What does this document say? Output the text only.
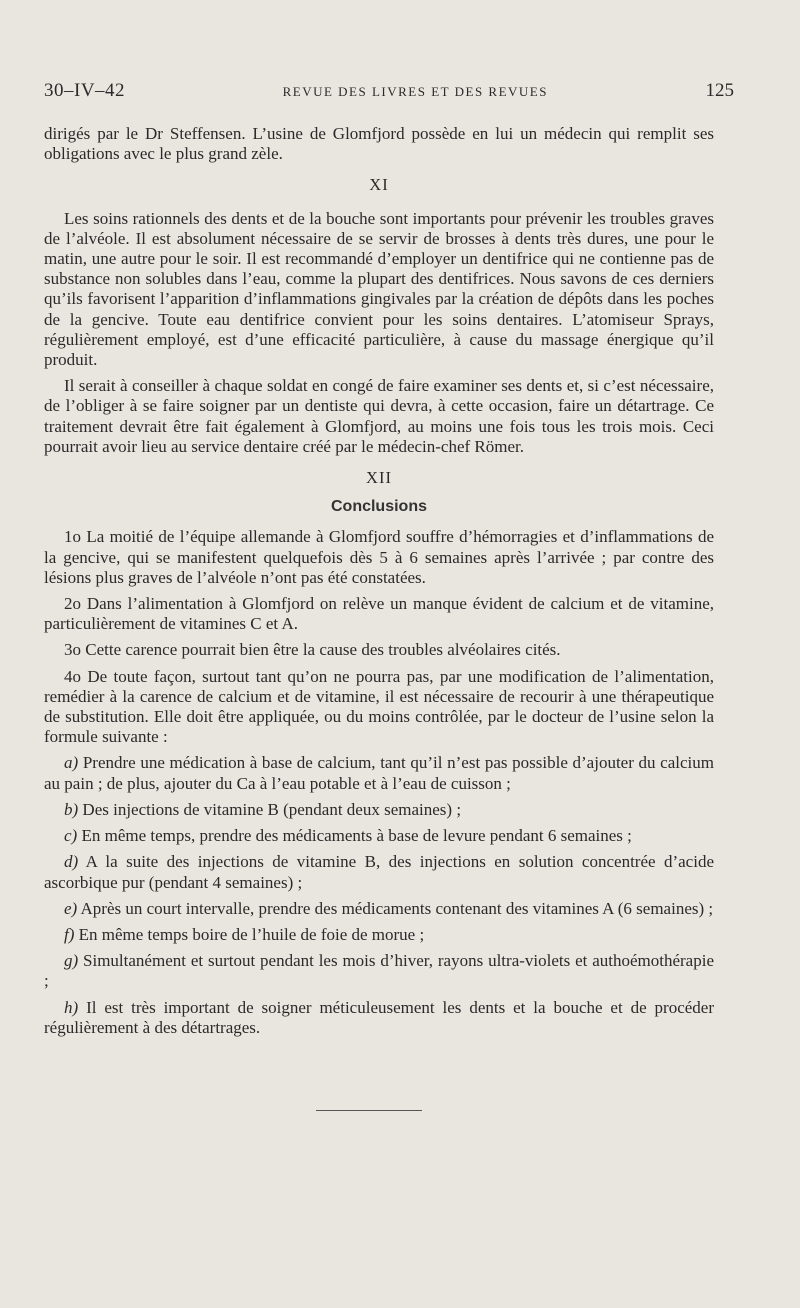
30–IV–42	REVUE DES LIVRES ET DES REVUES	125

dirigés par le Dr Steffensen. L’usine de Glomfjord possède en lui un médecin qui remplit ses obligations avec le plus grand zèle.

XI

Les soins rationnels des dents et de la bouche sont importants pour prévenir les troubles graves de l’alvéole. Il est absolument nécessaire de se servir de brosses à dents très dures, une pour le matin, une autre pour le soir. Il est recommandé d’employer un dentifrice qui ne contienne pas de substance non solubles dans l’eau, comme la plupart des dentifrices. Nous savons de ces derniers qu’ils favorisent l’apparition d’inflammations gingivales par la création de dépôts dans les poches de la gencive. Toute eau dentifrice convient pour les soins dentaires. L’atomiseur Sprays, régulièrement employé, est d’une efficacité particulière, à cause du massage énergique qu’il produit.

Il serait à conseiller à chaque soldat en congé de faire examiner ses dents et, si c’est nécessaire, de l’obliger à se faire soigner par un dentiste qui devra, à cette occasion, faire un détartrage. Ce traitement devrait être fait également à Glomfjord, au moins une fois tous les trois mois. Ceci pourrait avoir lieu au service dentaire créé par le médecin-chef Römer.

XII
Conclusions

1o La moitié de l’équipe allemande à Glomfjord souffre d’hémorragies et d’inflammations de la gencive, qui se manifestent quelquefois dès 5 à 6 semaines après l’arrivée ; par contre des lésions plus graves de l’alvéole n’ont pas été constatées.

2o Dans l’alimentation à Glomfjord on relève un manque évident de calcium et de vitamine, particulièrement de vitamines C et A.

3o Cette carence pourrait bien être la cause des troubles alvéolaires cités.

4o De toute façon, surtout tant qu’on ne pourra pas, par une modification de l’alimentation, remédier à la carence de calcium et de vitamine, il est nécessaire de recourir à une thérapeutique de substitution. Elle doit être appliquée, ou du moins contrôlée, par le docteur de l’usine selon la formule suivante :

a) Prendre une médication à base de calcium, tant qu’il n’est pas possible d’ajouter du calcium au pain ; de plus, ajouter du Ca à l’eau potable et à l’eau de cuisson ;

b) Des injections de vitamine B (pendant deux semaines) ;

c) En même temps, prendre des médicaments à base de levure pendant 6 semaines ;

d) A la suite des injections de vitamine B, des injections en solution concentrée d’acide ascorbique pur (pendant 4 semaines) ;

e) Après un court intervalle, prendre des médicaments contenant des vitamines A (6 semaines) ;

f) En même temps boire de l’huile de foie de morue ;

g) Simultanément et surtout pendant les mois d’hiver, rayons ultra-violets et authoémothérapie ;

h) Il est très important de soigner méticuleusement les dents et la bouche et de procéder régulièrement à des détartrages.
